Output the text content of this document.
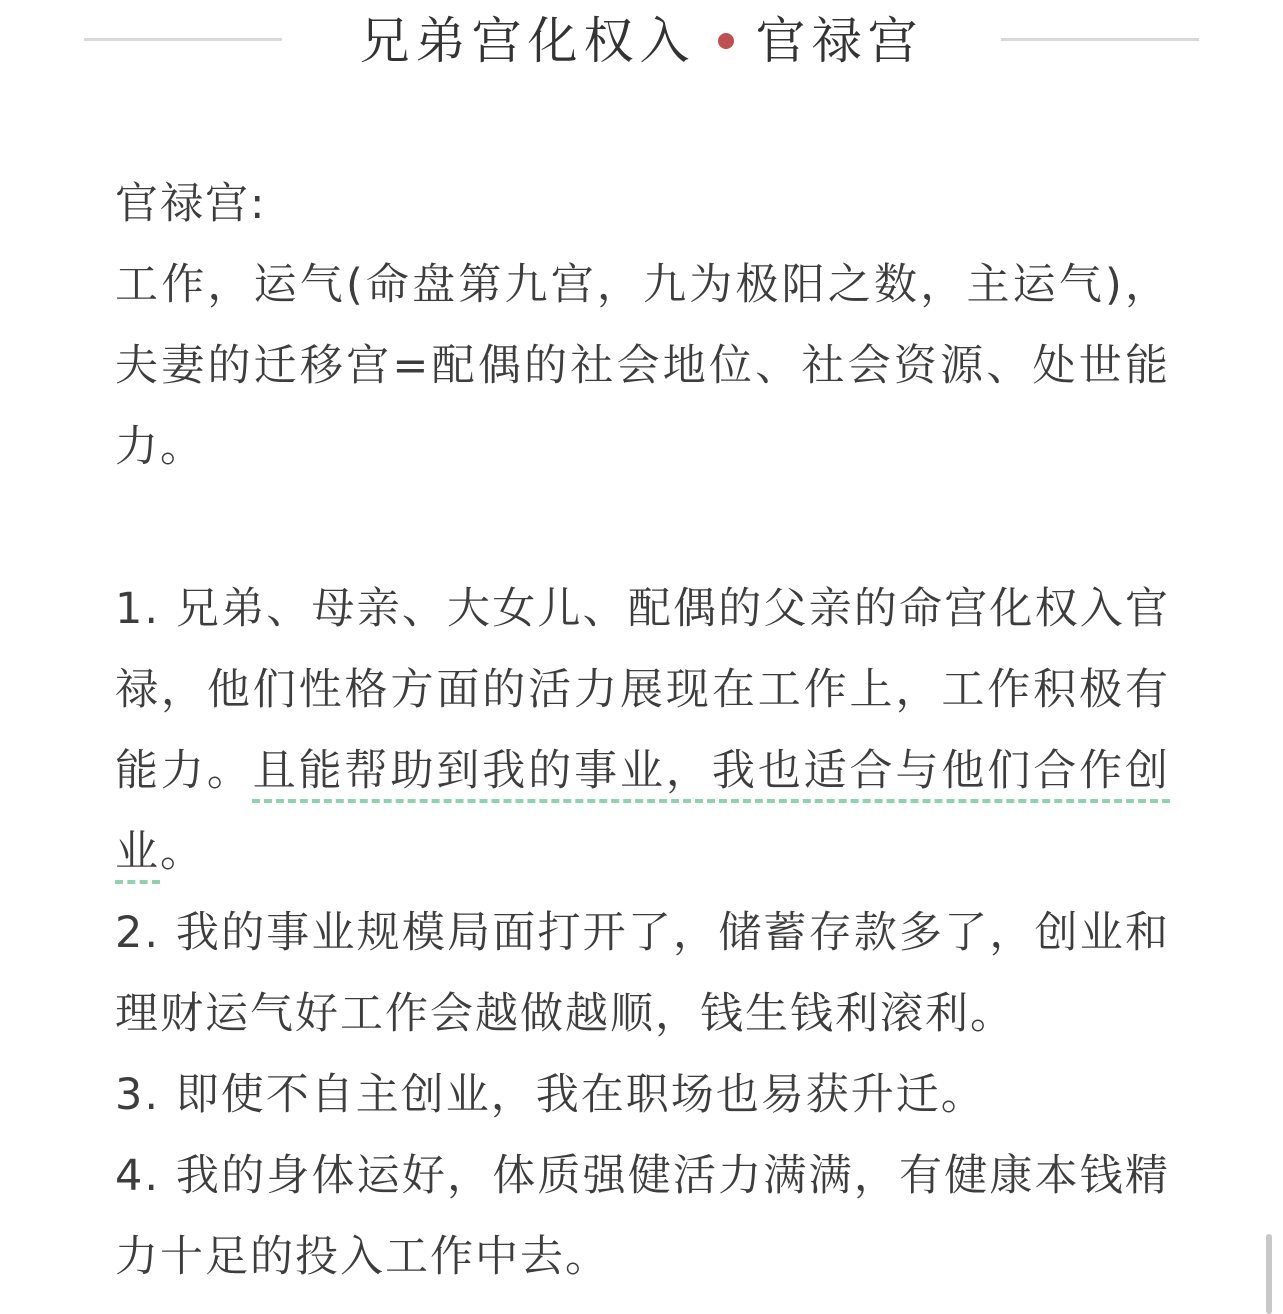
兄弟宫化权入 官禄宫

官禄宫:

工作，运气(命盘第九宫，九为极阳之数，主运气)，夫妻的迁移宫=配偶的社会地位、社会资源、处世能力。

1. 兄弟、母亲、大女儿、配偶的父亲的命宫化权入官禄，他们性格方面的活力展现在工作上，工作积极有能力。且能帮助到我的事业，我也适合与他们合作创业。

2. 我的事业规模局面打开了，储蓄存款多了，创业和理财运气好工作会越做越顺，钱生钱利滚利。

3. 即使不自主创业，我在职场也易获升迁。

4. 我的身体运好，体质强健活力满满，有健康本钱精力十足的投入工作中去。
